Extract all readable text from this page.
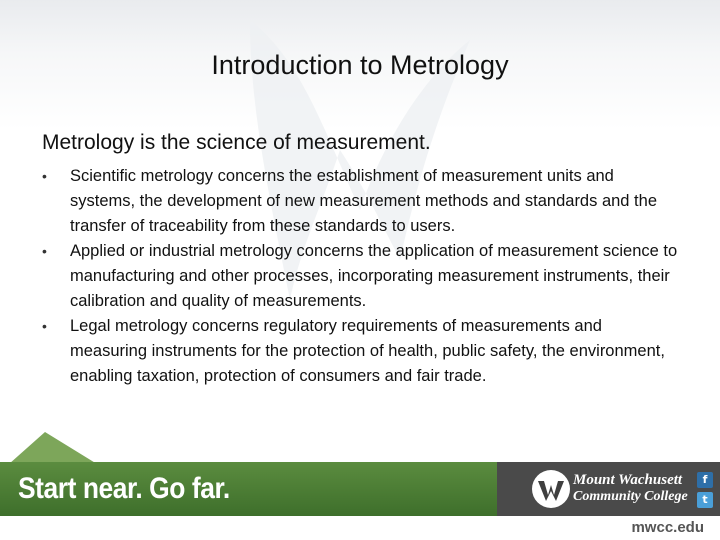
Introduction to Metrology
Metrology is the science of measurement.
• Scientific metrology concerns the establishment of measurement units and systems, the development of new measurement methods and standards and the transfer of traceability from these standards to users.
• Applied or industrial metrology concerns the application of measurement science to manufacturing and other processes, incorporating measurement instruments, their calibration and quality of measurements.
• Legal metrology concerns regulatory requirements of measurements and measuring instruments for the protection of health, public safety, the environment, enabling taxation, protection of consumers and fair trade.
Start near. Go far.	Mount Wachusett
Community College
f
t
mwcc.edu
